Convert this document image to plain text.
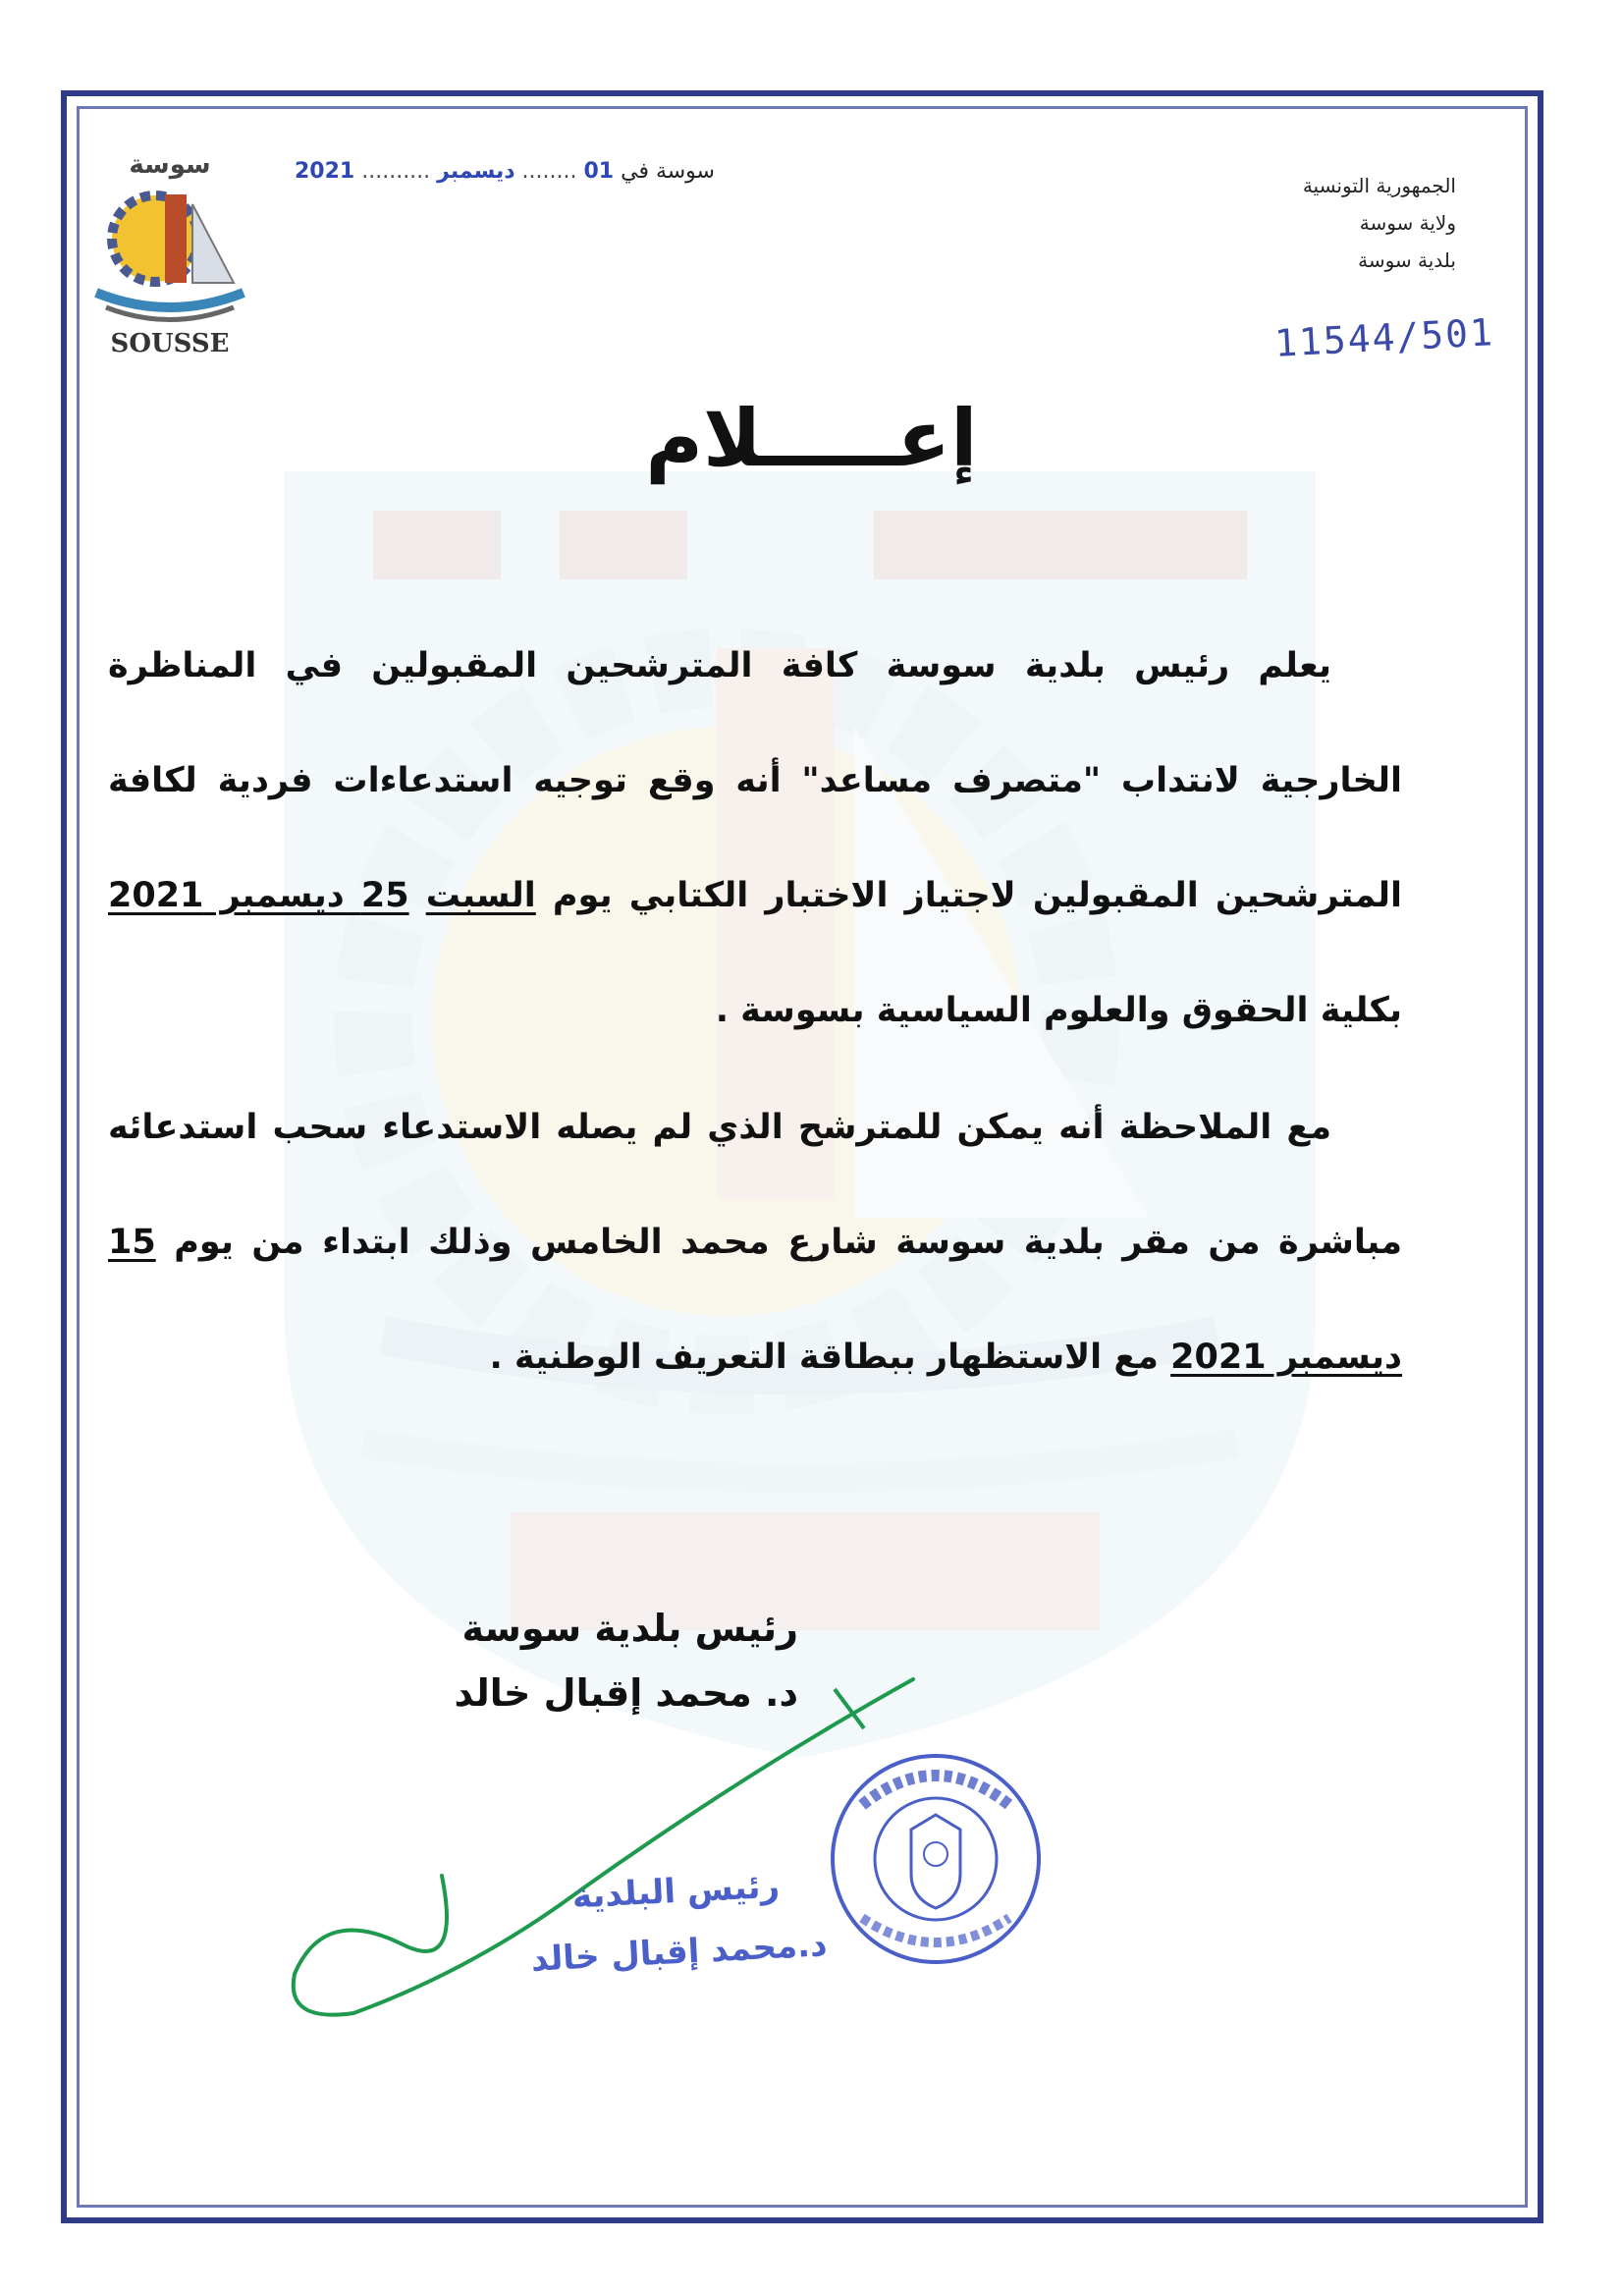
الجمهورية التونسية
ولاية سوسة
بلدية سوسة
11544/501
سوسة
SOUSSE
سوسة في 01 ........ ديسمبر .......... 2021
إعـــــلام
يعلم رئيس بلدية سوسة كافة المترشحين المقبولين في المناظرة الخارجية لانتداب "متصرف مساعد" أنه وقع توجيه استدعاءات فردية لكافة المترشحين المقبولين لاجتياز الاختبار الكتابي يوم السبت 25 ديسمبر 2021 بكلية الحقوق والعلوم السياسية بسوسة .
مع الملاحظة أنه يمكن للمترشح الذي لم يصله الاستدعاء سحب استدعائه مباشرة من مقر بلدية سوسة شارع محمد الخامس وذلك ابتداء من يوم 15 ديسمبر 2021 مع الاستظهار ببطاقة التعريف الوطنية .
رئيس بلدية سوسة
د. محمد إقبال خالد
رئيس البلدية
د.محمد إقبال خالد
